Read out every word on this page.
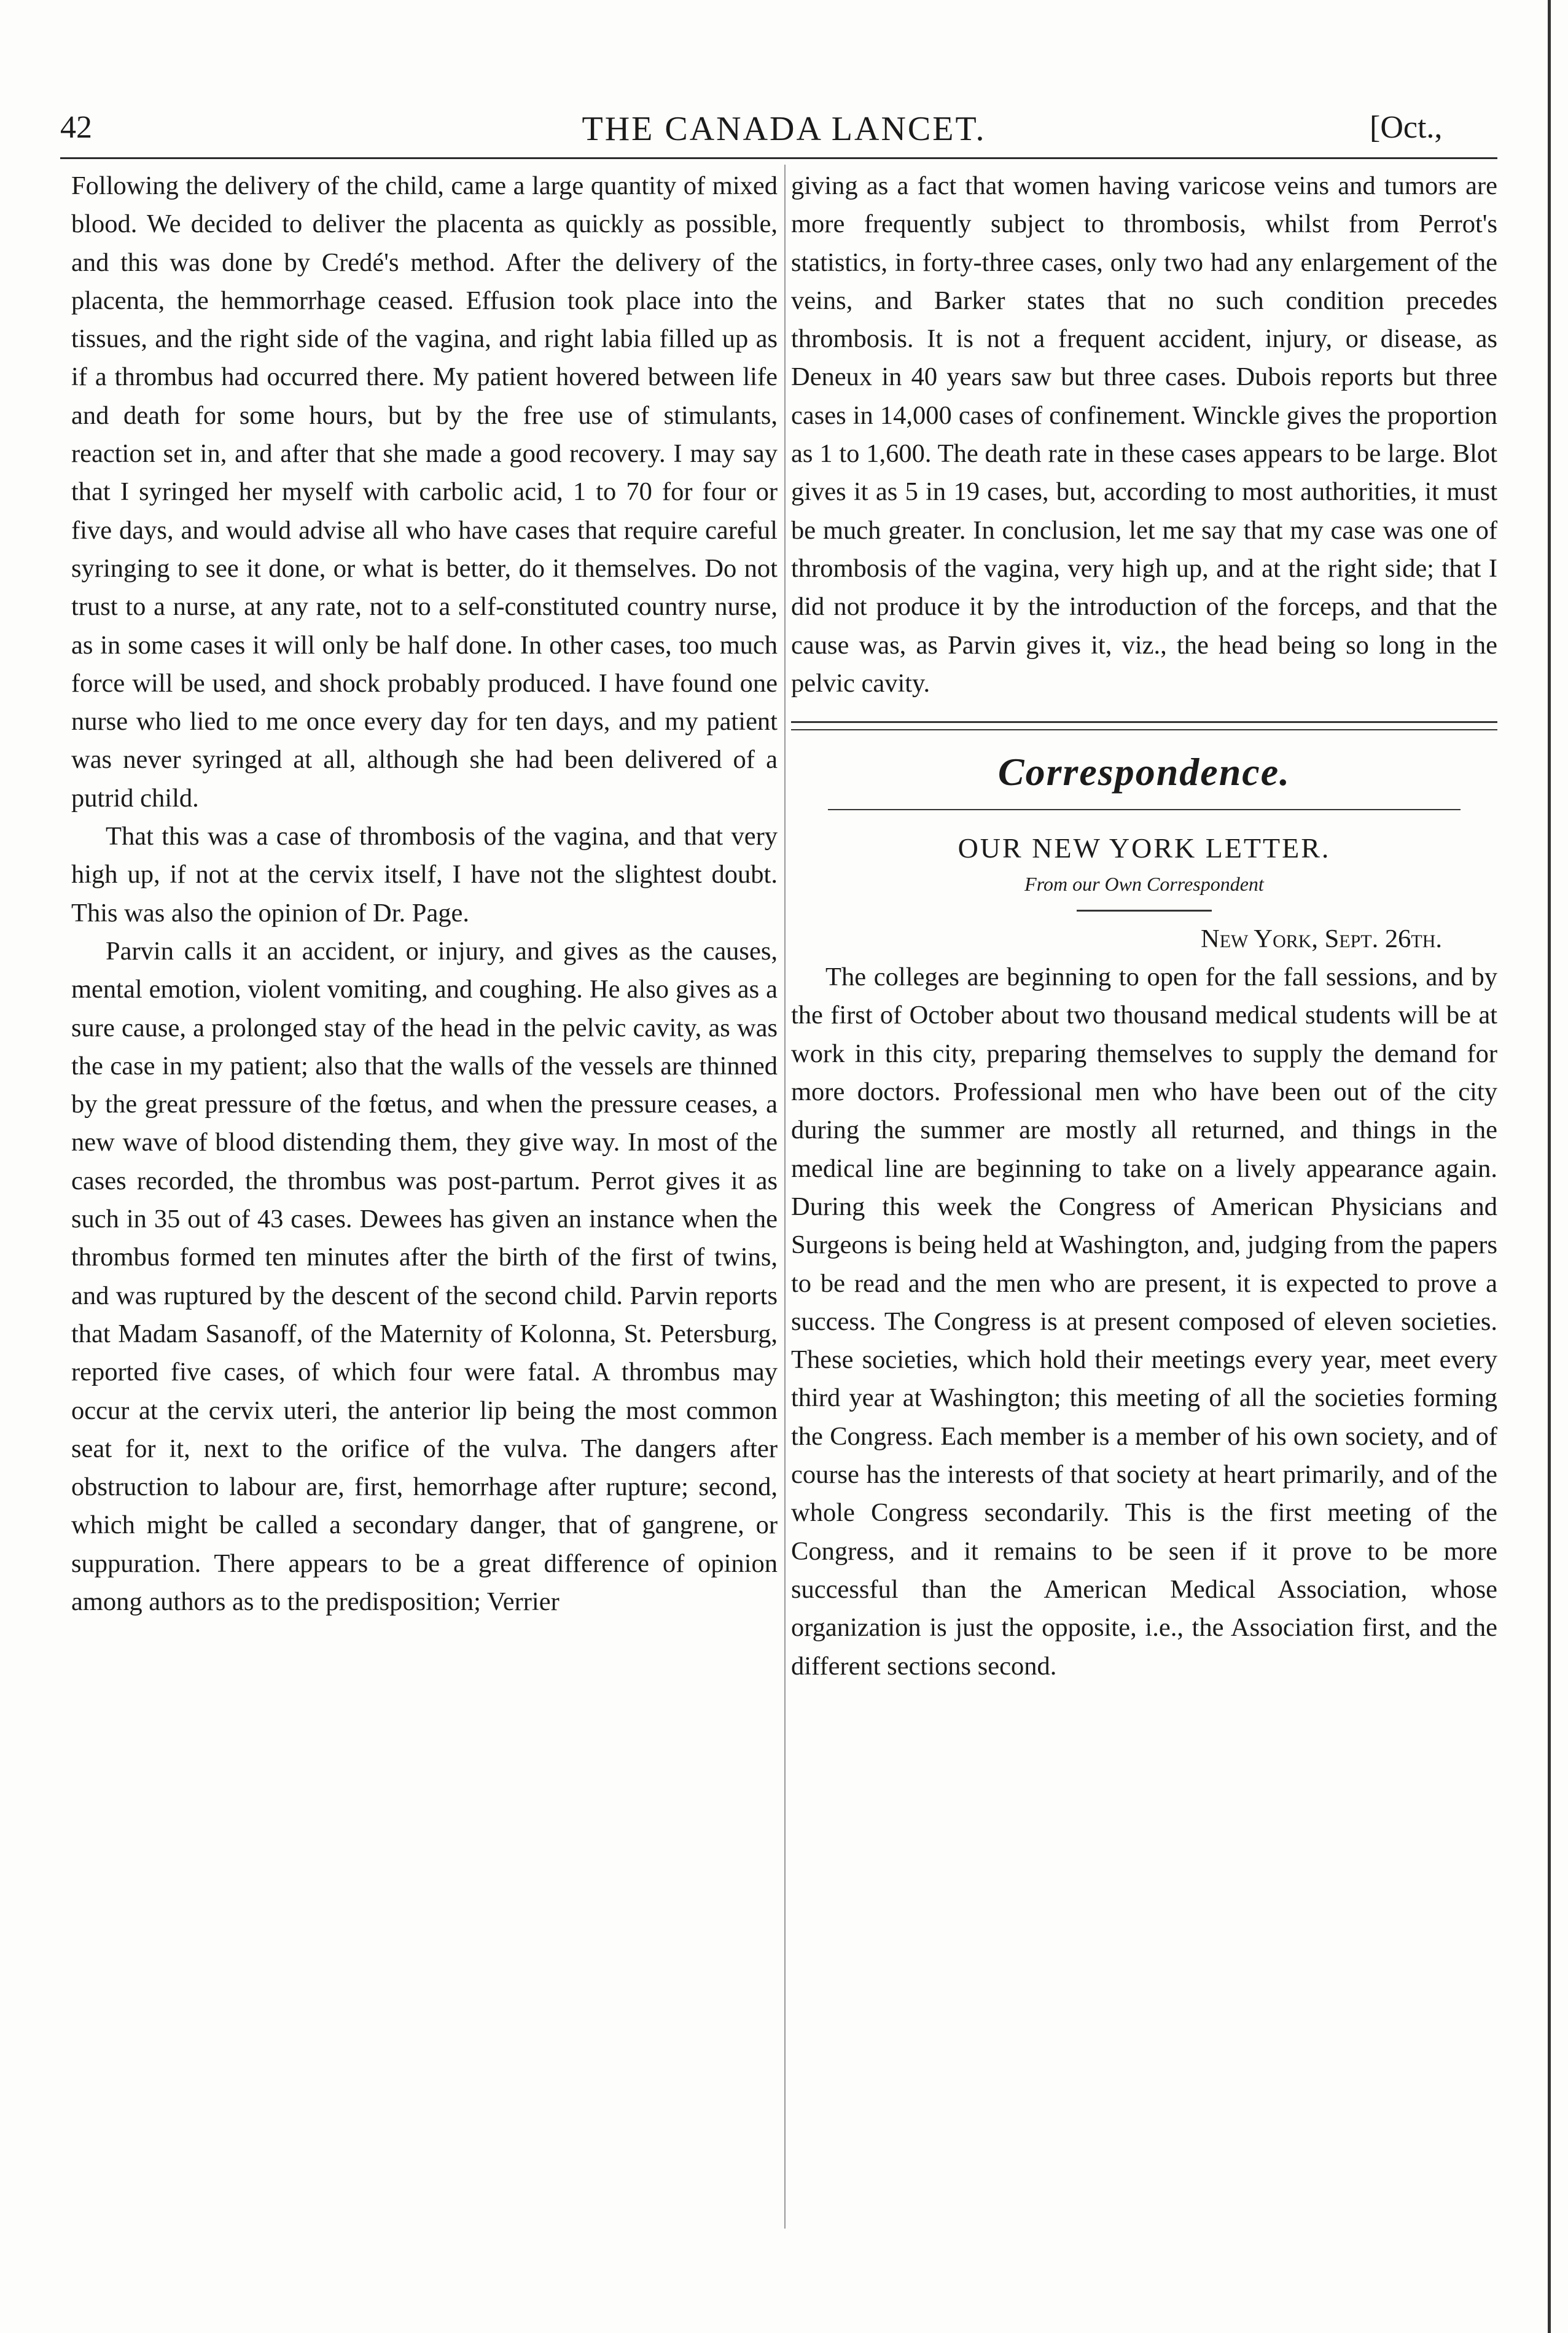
42	THE CANADA LANCET.	[Oct.,

Following the delivery of the child, came a large quantity of mixed blood. We decided to deliver the placenta as quickly as possible, and this was done by Credé's method. After the delivery of the placenta, the hemmorrhage ceased. Effusion took place into the tissues, and the right side of the vagina, and right labia filled up as if a thrombus had occurred there. My patient hovered between life and death for some hours, but by the free use of stimulants, reaction set in, and after that she made a good recovery. I may say that I syringed her myself with carbolic acid, 1 to 70 for four or five days, and would advise all who have cases that require careful syringing to see it done, or what is better, do it themselves. Do not trust to a nurse, at any rate, not to a self-constituted country nurse, as in some cases it will only be half done. In other cases, too much force will be used, and shock probably produced. I have found one nurse who lied to me once every day for ten days, and my patient was never syringed at all, although she had been delivered of a putrid child.

That this was a case of thrombosis of the vagina, and that very high up, if not at the cervix itself, I have not the slightest doubt. This was also the opinion of Dr. Page.

Parvin calls it an accident, or injury, and gives as the causes, mental emotion, violent vomiting, and coughing. He also gives as a sure cause, a prolonged stay of the head in the pelvic cavity, as was the case in my patient; also that the walls of the vessels are thinned by the great pressure of the fœtus, and when the pressure ceases, a new wave of blood distending them, they give way. In most of the cases recorded, the thrombus was post-partum. Perrot gives it as such in 35 out of 43 cases. Dewees has given an instance when the thrombus formed ten minutes after the birth of the first of twins, and was ruptured by the descent of the second child. Parvin reports that Madam Sasanoff, of the Maternity of Kolonna, St. Petersburg, reported five cases, of which four were fatal. A thrombus may occur at the cervix uteri, the anterior lip being the most common seat for it, next to the orifice of the vulva. The dangers after obstruction to labour are, first, hemorrhage after rupture; second, which might be called a secondary danger, that of gangrene, or suppuration. There appears to be a great difference of opinion among authors as to the predisposition; Verrier

giving as a fact that women having varicose veins and tumors are more frequently subject to thrombosis, whilst from Perrot's statistics, in forty-three cases, only two had any enlargement of the veins, and Barker states that no such condition precedes thrombosis. It is not a frequent accident, injury, or disease, as Deneux in 40 years saw but three cases. Dubois reports but three cases in 14,000 cases of confinement. Winckle gives the proportion as 1 to 1,600. The death rate in these cases appears to be large. Blot gives it as 5 in 19 cases, but, according to most authorities, it must be much greater. In conclusion, let me say that my case was one of thrombosis of the vagina, very high up, and at the right side; that I did not produce it by the introduction of the forceps, and that the cause was, as Parvin gives it, viz., the head being so long in the pelvic cavity.

Correspondence.
OUR NEW YORK LETTER.
From our Own Correspondent
New York, Sept. 26th.

The colleges are beginning to open for the fall sessions, and by the first of October about two thousand medical students will be at work in this city, preparing themselves to supply the demand for more doctors. Professional men who have been out of the city during the summer are mostly all returned, and things in the medical line are beginning to take on a lively appearance again. During this week the Congress of American Physicians and Surgeons is being held at Washington, and, judging from the papers to be read and the men who are present, it is expected to prove a success. The Congress is at present composed of eleven societies. These societies, which hold their meetings every year, meet every third year at Washington; this meeting of all the societies forming the Congress. Each member is a member of his own society, and of course has the interests of that society at heart primarily, and of the whole Congress secondarily. This is the first meeting of the Congress, and it remains to be seen if it prove to be more successful than the American Medical Association, whose organization is just the opposite, i.e., the Association first, and the different sections second.
